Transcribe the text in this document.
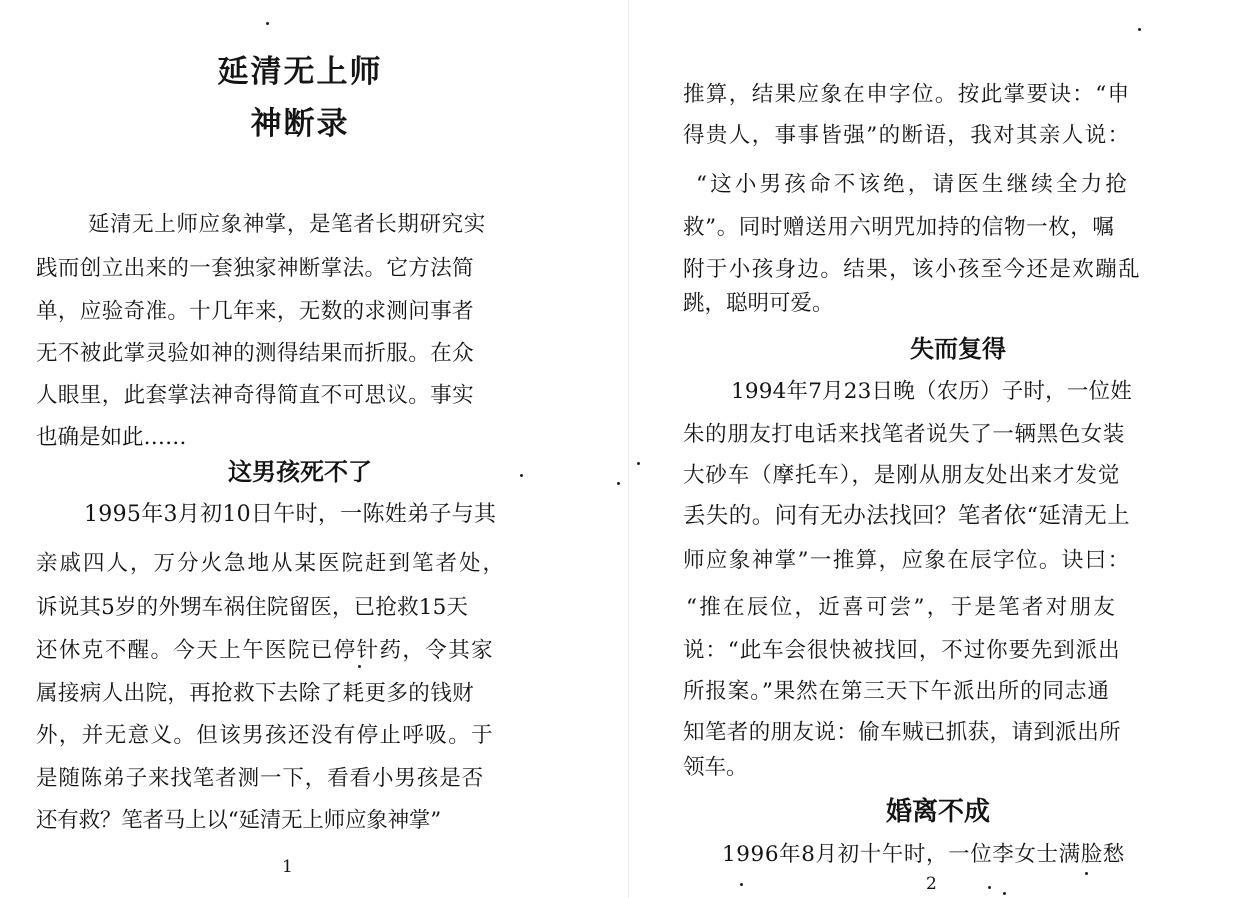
延清无上师
神断录
延清无上师应象神掌，是笔者长期研究实
践而创立出来的一套独家神断掌法。它方法简
单，应验奇准。十几年来，无数的求测问事者
无不被此掌灵验如神的测得结果而折服。在众
人眼里，此套掌法神奇得简直不可思议。事实
也确是如此……
这男孩死不了
1995年3月初10日午时，一陈姓弟子与其
亲戚四人，万分火急地从某医院赶到笔者处，
诉说其5岁的外甥车祸住院留医，已抢救15天
还休克不醒。今天上午医院已停针药，令其家
属接病人出院，再抢救下去除了耗更多的钱财
外，并无意义。但该男孩还没有停止呼吸。于
是随陈弟子来找笔者测一下，看看小男孩是否
还有救？笔者马上以“延清无上师应象神掌”
1
推算，结果应象在申字位。按此掌要诀：“申
得贵人，事事皆强”的断语，我对其亲人说：
“这小男孩命不该绝，请医生继续全力抢
救”。同时赠送用六明咒加持的信物一枚，嘱
附于小孩身边。结果，该小孩至今还是欢蹦乱
跳，聪明可爱。
失而复得
1994年7月23日晚（农历）子时，一位姓
朱的朋友打电话来找笔者说失了一辆黑色女装
大砂车（摩托车），是刚从朋友处出来才发觉
丢失的。问有无办法找回？笔者依“延清无上
师应象神掌”一推算，应象在辰字位。诀曰：
“推在辰位，近喜可尝”，于是笔者对朋友
说：“此车会很快被找回，不过你要先到派出
所报案。”果然在第三天下午派出所的同志通
知笔者的朋友说：偷车贼已抓获，请到派出所
领车。
婚离不成
1996年8月初十午时，一位李女士满脸愁
2
